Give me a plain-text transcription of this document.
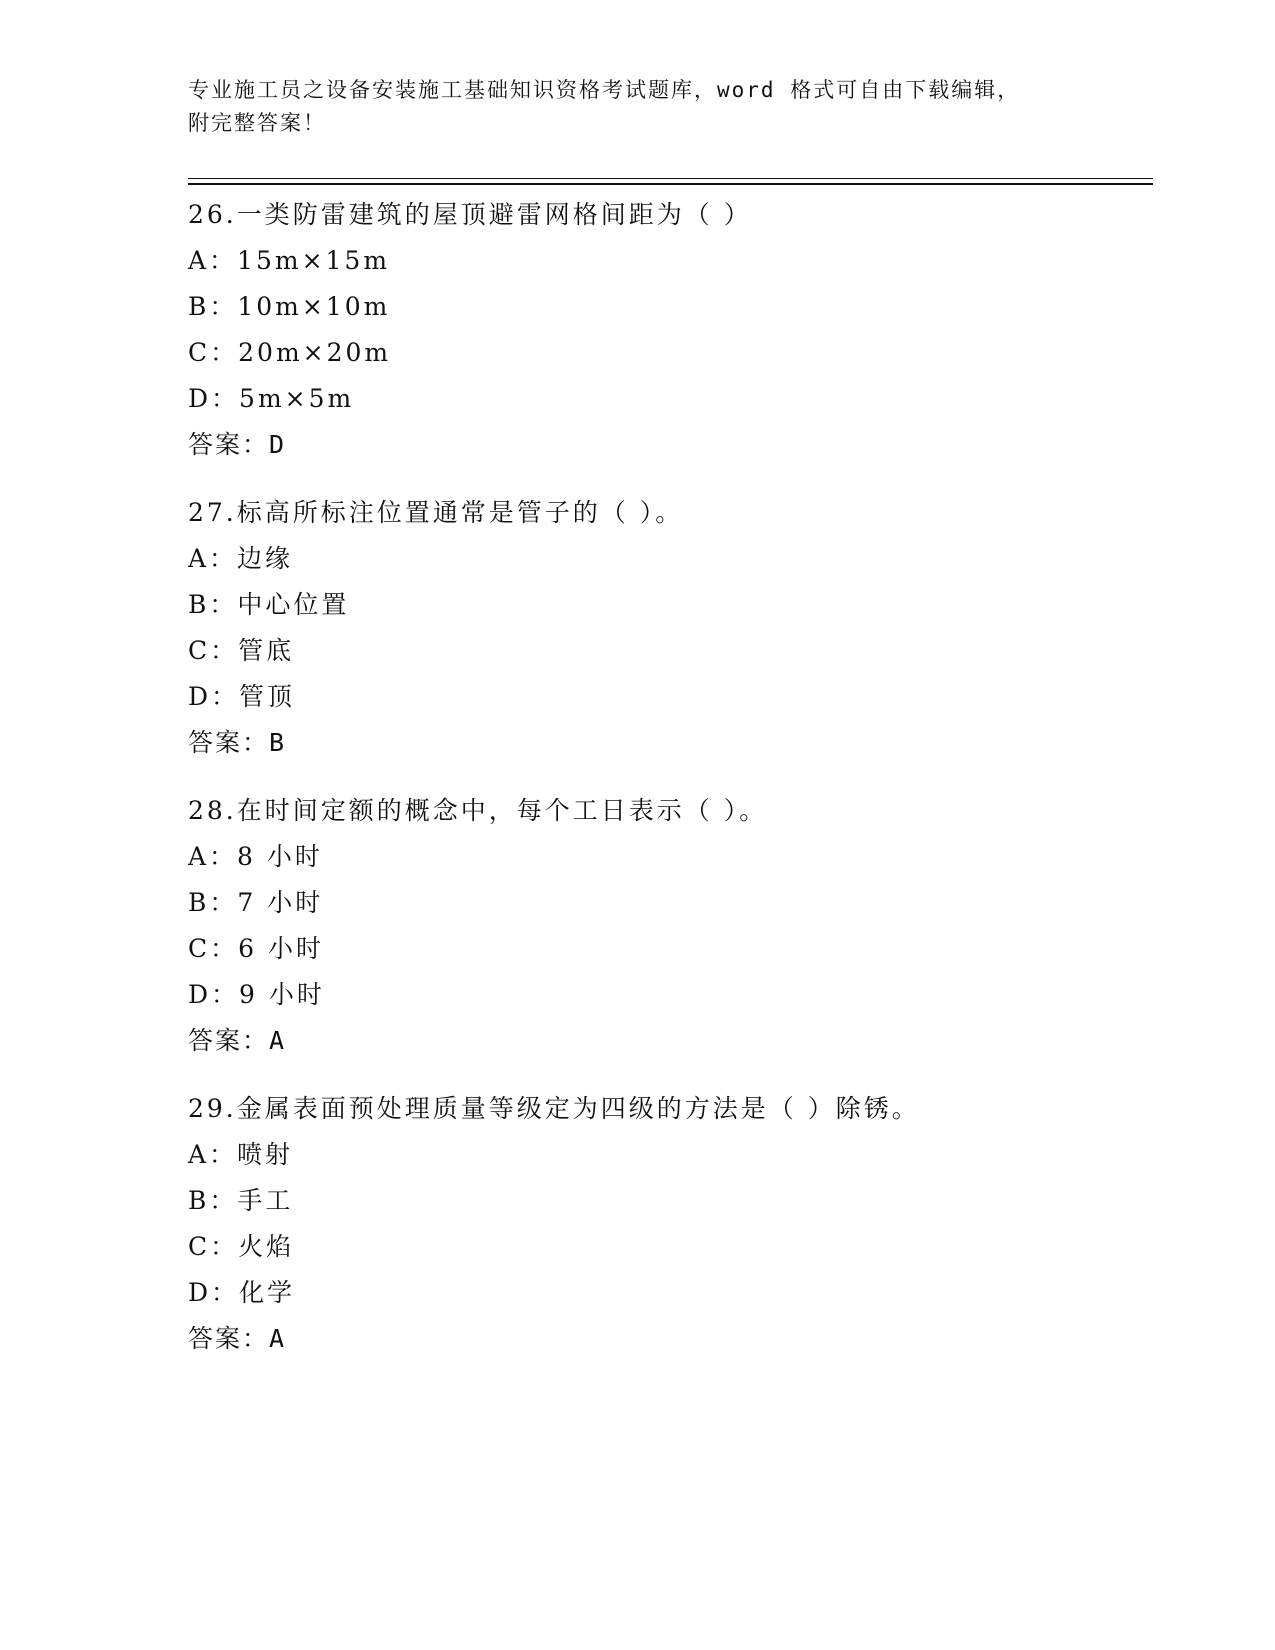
专业施工员之设备安装施工基础知识资格考试题库，word 格式可自由下载编辑，
附完整答案！
26.一类防雷建筑的屋顶避雷网格间距为（ ）
A：15m×15m
B：10m×10m
C：20m×20m
D：5m×5m
答案：D
27.标高所标注位置通常是管子的（ ）。
A：边缘
B：中心位置
C：管底
D：管顶
答案：B
28.在时间定额的概念中，每个工日表示（ ）。
A：8 小时
B：7 小时
C：6 小时
D：9 小时
答案：A
29.金属表面预处理质量等级定为四级的方法是（ ）除锈。
A：喷射
B：手工
C：火焰
D：化学
答案：A
